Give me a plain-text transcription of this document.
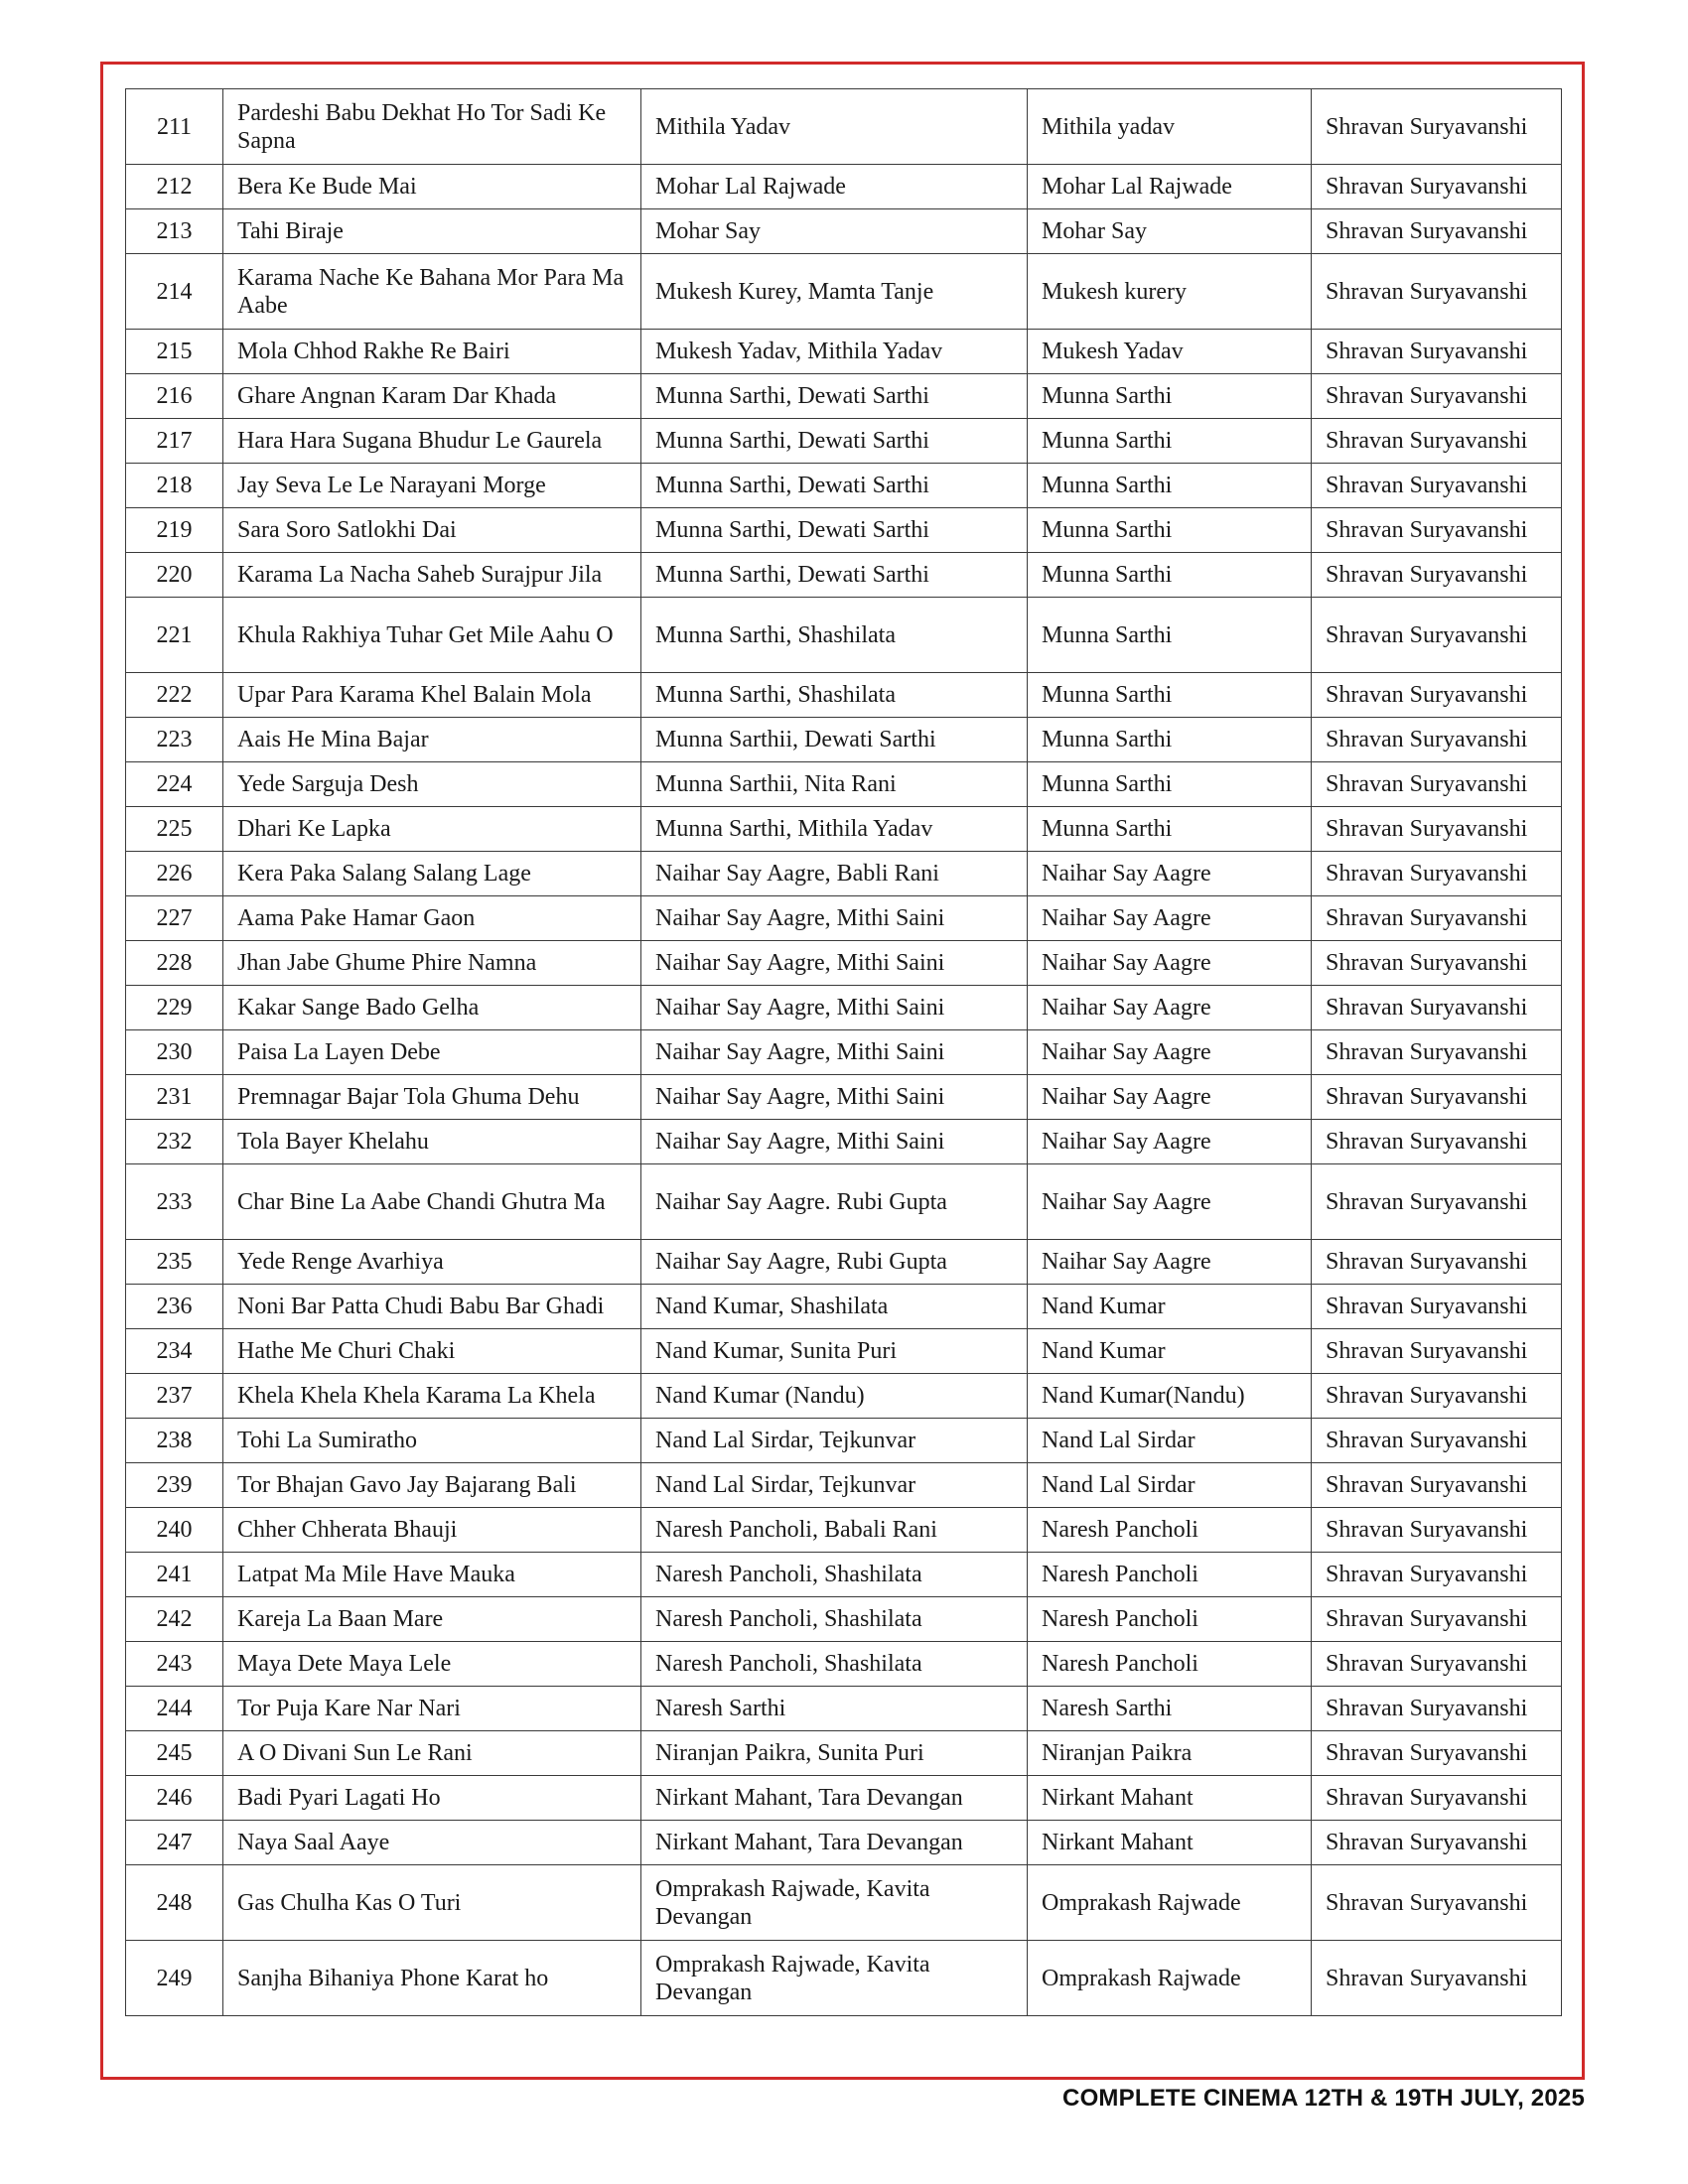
211	Pardeshi Babu Dekhat Ho Tor Sadi Ke Sapna	Mithila Yadav	Mithila yadav	Shravan Suryavanshi
212	Bera Ke Bude Mai	Mohar Lal Rajwade	Mohar Lal Rajwade	Shravan Suryavanshi
213	Tahi Biraje	Mohar Say	Mohar Say	Shravan Suryavanshi
214	Karama Nache Ke Bahana Mor Para Ma Aabe	Mukesh Kurey, Mamta Tanje	Mukesh kurery	Shravan Suryavanshi
215	Mola Chhod Rakhe Re Bairi	Mukesh Yadav, Mithila Yadav	Mukesh Yadav	Shravan Suryavanshi
216	Ghare Angnan Karam Dar Khada	Munna Sarthi, Dewati Sarthi	Munna Sarthi	Shravan Suryavanshi
217	Hara Hara Sugana Bhudur Le Gaurela	Munna Sarthi, Dewati Sarthi	Munna Sarthi	Shravan Suryavanshi
218	Jay Seva Le Le Narayani Morge	Munna Sarthi, Dewati Sarthi	Munna Sarthi	Shravan Suryavanshi
219	Sara Soro Satlokhi Dai	Munna Sarthi, Dewati Sarthi	Munna Sarthi	Shravan Suryavanshi
220	Karama La Nacha Saheb Surajpur Jila	Munna Sarthi, Dewati Sarthi	Munna Sarthi	Shravan Suryavanshi
221	Khula Rakhiya Tuhar Get Mile Aahu O	Munna Sarthi, Shashilata	Munna Sarthi	Shravan Suryavanshi
222	Upar Para Karama Khel Balain Mola	Munna Sarthi, Shashilata	Munna Sarthi	Shravan Suryavanshi
223	Aais He Mina Bajar	Munna Sarthii, Dewati Sarthi	Munna Sarthi	Shravan Suryavanshi
224	Yede Sarguja Desh	Munna Sarthii, Nita Rani	Munna Sarthi	Shravan Suryavanshi
225	Dhari Ke Lapka	Munna Sarthi, Mithila Yadav	Munna Sarthi	Shravan Suryavanshi
226	Kera Paka Salang Salang Lage	Naihar Say Aagre, Babli Rani	Naihar Say Aagre	Shravan Suryavanshi
227	Aama Pake Hamar Gaon	Naihar Say Aagre, Mithi Saini	Naihar Say Aagre	Shravan Suryavanshi
228	Jhan Jabe Ghume Phire Namna	Naihar Say Aagre, Mithi Saini	Naihar Say Aagre	Shravan Suryavanshi
229	Kakar Sange Bado Gelha	Naihar Say Aagre, Mithi Saini	Naihar Say Aagre	Shravan Suryavanshi
230	Paisa La Layen Debe	Naihar Say Aagre, Mithi Saini	Naihar Say Aagre	Shravan Suryavanshi
231	Premnagar Bajar Tola Ghuma Dehu	Naihar Say Aagre, Mithi Saini	Naihar Say Aagre	Shravan Suryavanshi
232	Tola Bayer Khelahu	Naihar Say Aagre, Mithi Saini	Naihar Say Aagre	Shravan Suryavanshi
233	Char Bine La Aabe Chandi Ghutra Ma	Naihar Say Aagre. Rubi Gupta	Naihar Say Aagre	Shravan Suryavanshi
235	Yede Renge Avarhiya	Naihar Say Aagre, Rubi Gupta	Naihar Say Aagre	Shravan Suryavanshi
236	Noni Bar Patta Chudi Babu Bar Ghadi	Nand Kumar, Shashilata	Nand Kumar	Shravan Suryavanshi
234	Hathe Me Churi Chaki	Nand Kumar, Sunita Puri	Nand Kumar	Shravan Suryavanshi
237	Khela Khela Khela Karama La Khela	Nand Kumar (Nandu)	Nand Kumar(Nandu)	Shravan Suryavanshi
238	Tohi La Sumiratho	Nand Lal Sirdar, Tejkunvar	Nand Lal Sirdar	Shravan Suryavanshi
239	Tor Bhajan Gavo Jay Bajarang Bali	Nand Lal Sirdar, Tejkunvar	Nand Lal Sirdar	Shravan Suryavanshi
240	Chher Chherata Bhauji	Naresh Pancholi, Babali Rani	Naresh Pancholi	Shravan Suryavanshi
241	Latpat Ma Mile Have Mauka	Naresh Pancholi, Shashilata	Naresh Pancholi	Shravan Suryavanshi
242	Kareja La Baan Mare	Naresh Pancholi, Shashilata	Naresh Pancholi	Shravan Suryavanshi
243	Maya Dete Maya Lele	Naresh Pancholi, Shashilata	Naresh Pancholi	Shravan Suryavanshi
244	Tor Puja Kare Nar Nari	Naresh Sarthi	Naresh Sarthi	Shravan Suryavanshi
245	A O Divani Sun Le Rani	Niranjan Paikra, Sunita Puri	Niranjan Paikra	Shravan Suryavanshi
246	Badi Pyari Lagati Ho	Nirkant Mahant, Tara Devangan	Nirkant Mahant	Shravan Suryavanshi
247	Naya Saal Aaye	Nirkant Mahant, Tara Devangan	Nirkant Mahant	Shravan Suryavanshi
248	Gas Chulha Kas O Turi	Omprakash Rajwade, Kavita Devangan	Omprakash Rajwade	Shravan Suryavanshi
249	Sanjha Bihaniya Phone Karat ho	Omprakash Rajwade, Kavita Devangan	Omprakash Rajwade	Shravan Suryavanshi
COMPLETE CINEMA 12TH & 19TH JULY, 2025
